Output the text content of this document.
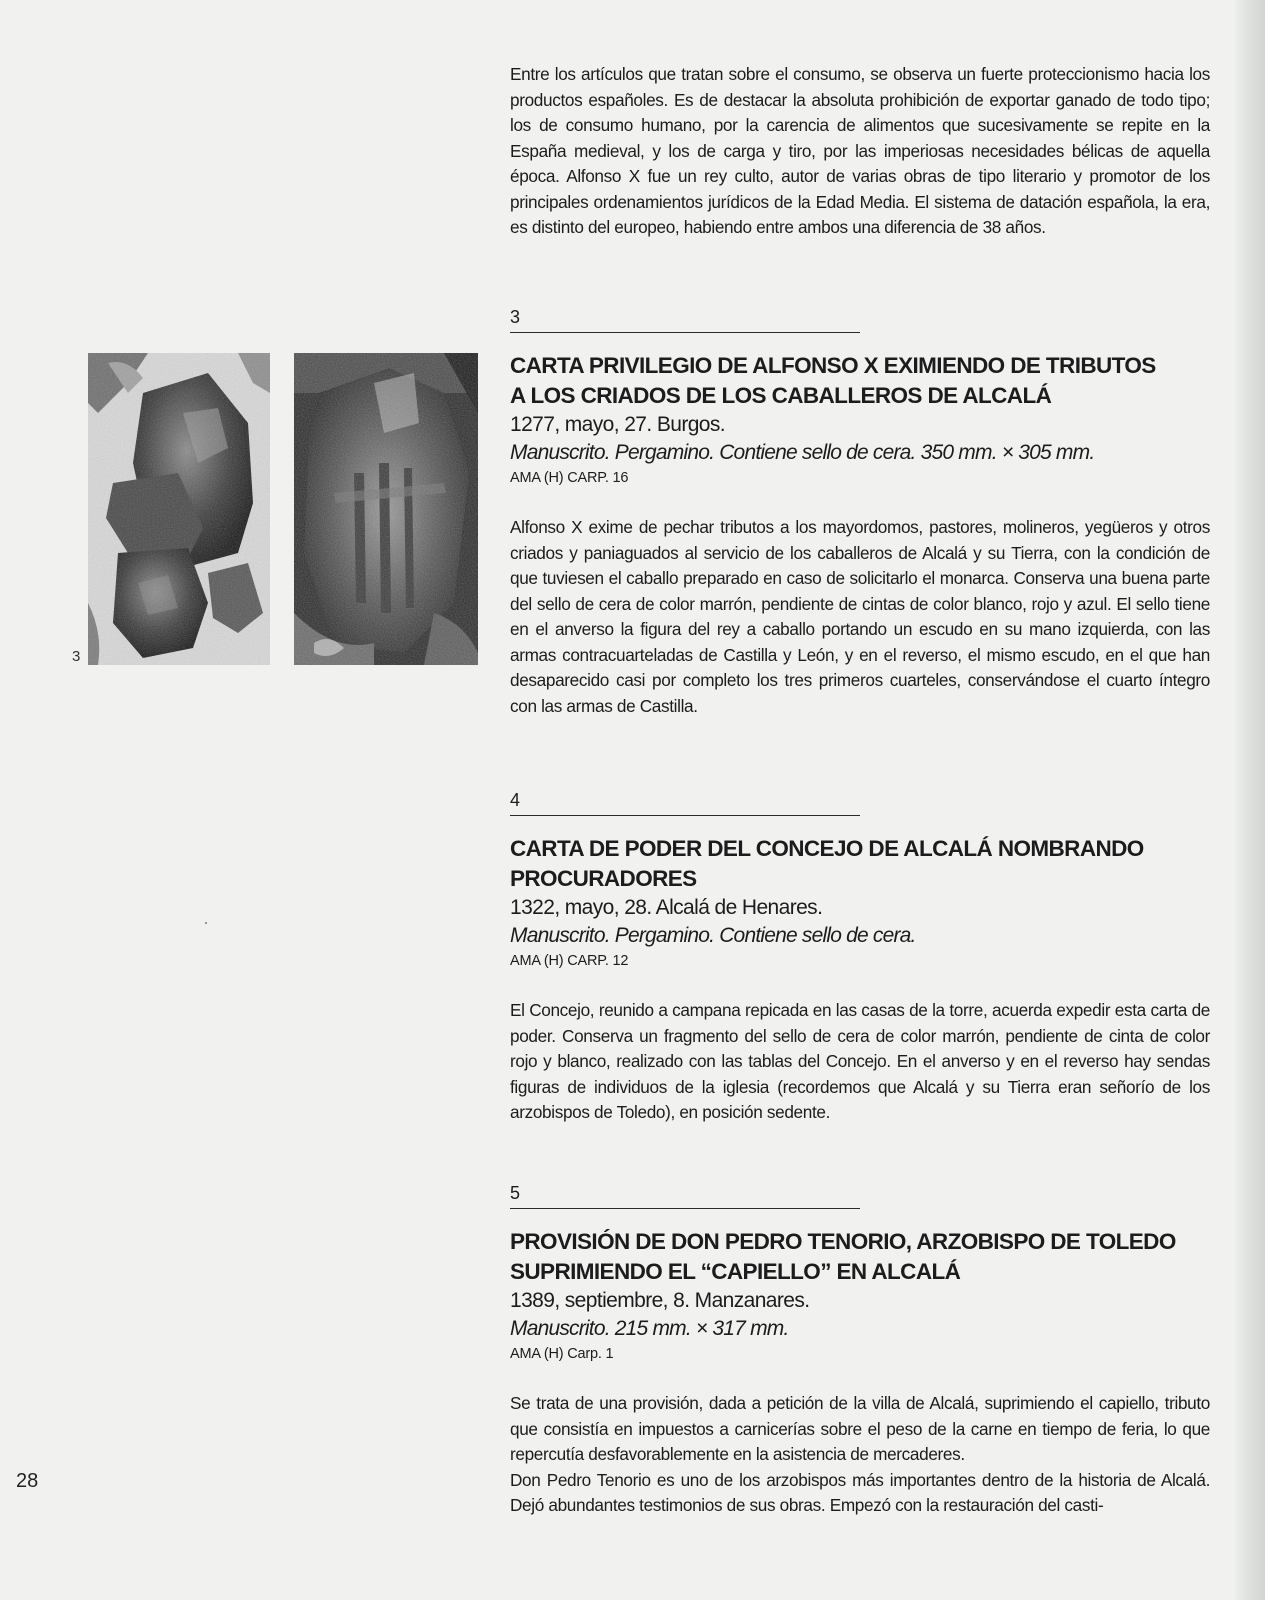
Entre los artículos que tratan sobre el consumo, se observa un fuerte proteccionismo hacia los productos españoles. Es de destacar la absoluta prohibición de exportar ganado de todo tipo; los de consumo humano, por la carencia de alimentos que sucesivamente se repite en la España medieval, y los de carga y tiro, por las imperiosas necesidades bélicas de aquella época. Alfonso X fue un rey culto, autor de varias obras de tipo literario y promotor de los principales ordenamientos jurídicos de la Edad Media. El sistema de datación española, la era, es distinto del europeo, habiendo entre ambos una diferencia de 38 años.

3

3

CARTA PRIVILEGIO DE ALFONSO X EXIMIENDO DE TRIBUTOS
A LOS CRIADOS DE LOS CABALLEROS DE ALCALÁ

1277, mayo, 27. Burgos.

Manuscrito. Pergamino. Contiene sello de cera. 350 mm. × 305 mm.

AMA (H) CARP. 16

Alfonso X exime de pechar tributos a los mayordomos, pastores, molineros, yegüeros y otros criados y paniaguados al servicio de los caballeros de Alcalá y su Tierra, con la condición de que tuviesen el caballo preparado en caso de solicitarlo el monarca. Conserva una buena parte del sello de cera de color marrón, pendiente de cintas de color blanco, rojo y azul. El sello tiene en el anverso la figura del rey a caballo portando un escudo en su mano izquierda, con las armas contracuarteladas de Castilla y León, y en el reverso, el mismo escudo, en el que han desaparecido casi por completo los tres primeros cuarteles, conservándose el cuarto íntegro con las armas de Castilla.

4

CARTA DE PODER DEL CONCEJO DE ALCALÁ NOMBRANDO
PROCURADORES

1322, mayo, 28. Alcalá de Henares.

Manuscrito. Pergamino. Contiene sello de cera.

AMA (H) CARP. 12

El Concejo, reunido a campana repicada en las casas de la torre, acuerda expedir esta carta de poder. Conserva un fragmento del sello de cera de color marrón, pendiente de cinta de color rojo y blanco, realizado con las tablas del Concejo. En el anverso y en el reverso hay sendas figuras de individuos de la iglesia (recordemos que Alcalá y su Tierra eran señorío de los arzobispos de Toledo), en posición sedente.

5

PROVISIÓN DE DON PEDRO TENORIO, ARZOBISPO DE TOLEDO
SUPRIMIENDO EL “CAPIELLO” EN ALCALÁ

1389, septiembre, 8. Manzanares.

Manuscrito. 215 mm. × 317 mm.

AMA (H) Carp. 1

Se trata de una provisión, dada a petición de la villa de Alcalá, suprimiendo el capiello, tributo que consistía en impuestos a carnicerías sobre el peso de la carne en tiempo de feria, lo que repercutía desfavorablemente en la asistencia de mercaderes.

Don Pedro Tenorio es uno de los arzobispos más importantes dentro de la historia de Alcalá. Dejó abundantes testimonios de sus obras. Empezó con la restauración del casti-

28
